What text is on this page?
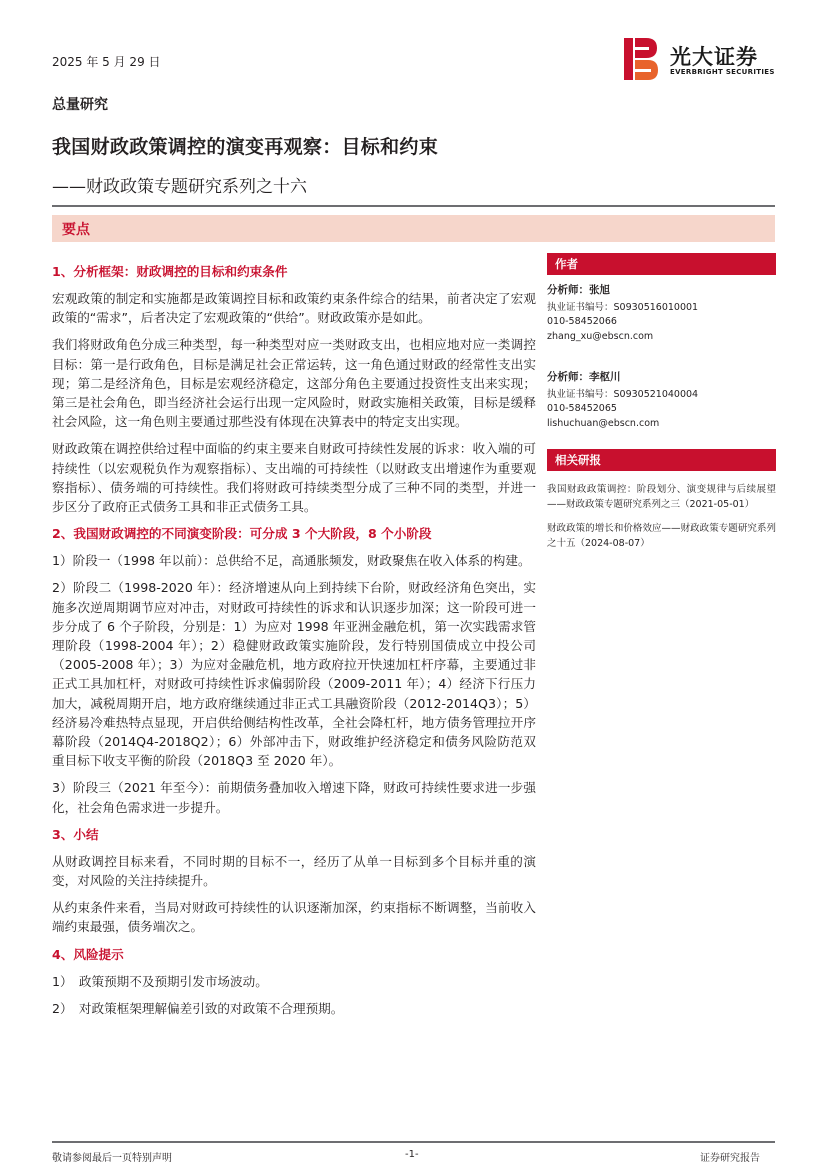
2025 年 5 月 29 日
总量研究
我国财政政策调控的演变再观察：目标和约束
——财政政策专题研究系列之十六
光大证券
EVERBRIGHT SECURITIES
要点
1、分析框架：财政调控的目标和约束条件

宏观政策的制定和实施都是政策调控目标和政策约束条件综合的结果，前者决定了宏观政策的“需求”，后者决定了宏观政策的“供给”。财政政策亦是如此。

我们将财政角色分成三种类型，每一种类型对应一类财政支出，也相应地对应一类调控目标：第一是行政角色，目标是满足社会正常运转，这一角色通过财政的经常性支出实现；第二是经济角色，目标是宏观经济稳定，这部分角色主要通过投资性支出来实现；第三是社会角色，即当经济社会运行出现一定风险时，财政实施相关政策，目标是缓释社会风险，这一角色则主要通过那些没有体现在决算表中的特定支出实现。

财政政策在调控供给过程中面临的约束主要来自财政可持续性发展的诉求：收入端的可持续性（以宏观税负作为观察指标）、支出端的可持续性（以财政支出增速作为重要观察指标）、债务端的可持续性。我们将财政可持续类型分成了三种不同的类型，并进一步区分了政府正式债务工具和非正式债务工具。

2、我国财政调控的不同演变阶段：可分成 3 个大阶段，8 个小阶段

1）阶段一（1998 年以前）：总供给不足，高通胀频发，财政聚焦在收入体系的构建。

2）阶段二（1998-2020 年）：经济增速从向上到持续下台阶，财政经济角色突出，实施多次逆周期调节应对冲击，对财政可持续性的诉求和认识逐步加深；这一阶段可进一步分成了 6 个子阶段，分别是：1）为应对 1998 年亚洲金融危机，第一次实践需求管理阶段（1998-2004 年）；2）稳健财政政策实施阶段，发行特别国债成立中投公司（2005-2008 年）；3）为应对金融危机，地方政府拉开快速加杠杆序幕，主要通过非正式工具加杠杆，对财政可持续性诉求偏弱阶段（2009-2011 年）；4）经济下行压力加大，减税周期开启，地方政府继续通过非正式工具融资阶段（2012-2014Q3）；5）经济易冷难热特点显现，开启供给侧结构性改革，全社会降杠杆，地方债务管理拉开序幕阶段（2014Q4-2018Q2）；6）外部冲击下，财政维护经济稳定和债务风险防范双重目标下收支平衡的阶段（2018Q3 至 2020 年）。

3）阶段三（2021 年至今）：前期债务叠加收入增速下降，财政可持续性要求进一步强化，社会角色需求进一步提升。

3、小结

从财政调控目标来看，不同时期的目标不一，经历了从单一目标到多个目标并重的演变，对风险的关注持续提升。

从约束条件来看，当局对财政可持续性的认识逐渐加深，约束指标不断调整，当前收入端约束最强，债务端次之。

4、风险提示

1）　政策预期不及预期引发市场波动。

2）　对政策框架理解偏差引致的对政策不合理预期。

作者
分析师：张旭
执业证书编号：S0930516010001
010-58452066
zhang_xu@ebscn.com
分析师：李枢川
执业证书编号：S0930521040004
010-58452065
lishuchuan@ebscn.com
相关研报
我国财政政策调控：阶段划分、演变规律与后续展望——财政政策专题研究系列之三（2021-05-01）
财政政策的增长和价格效应——财政政策专题研究系列之十五（2024-08-07）
敬请参阅最后一页特别声明	-1-	证券研究报告
